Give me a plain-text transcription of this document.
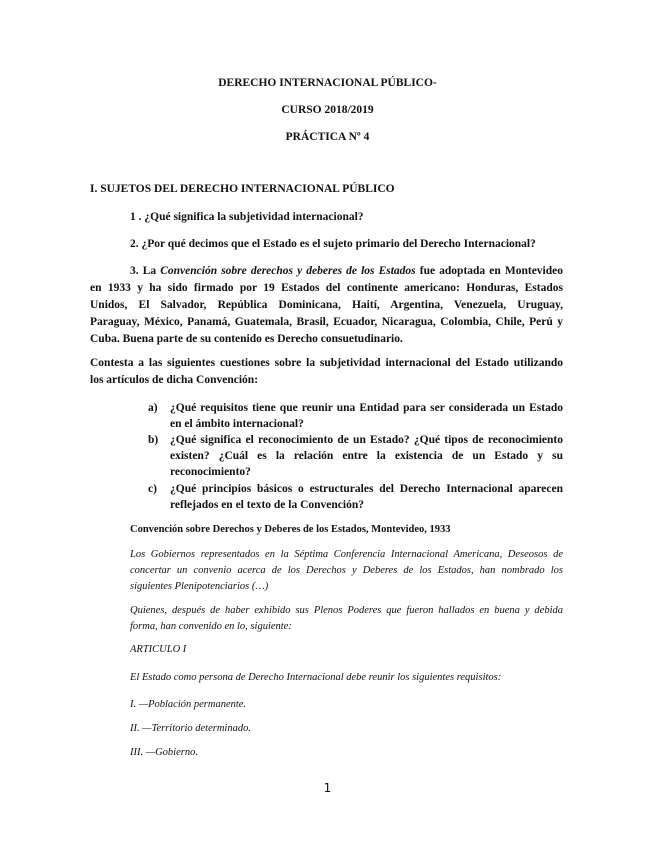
DERECHO INTERNACIONAL PÚBLICO-
CURSO 2018/2019
PRÁCTICA Nº 4
I. SUJETOS DEL DERECHO INTERNACIONAL PÚBLICO
1 . ¿Qué significa la subjetividad internacional?
2. ¿Por qué decimos que el Estado es el sujeto primario del Derecho Internacional?
3. La Convención sobre derechos y deberes de los Estados fue adoptada en Montevideo
en 1933 y ha sido firmado por 19 Estados del continente americano: Honduras, Estados
Unidos, El Salvador, República Dominicana, Haití, Argentina, Venezuela, Uruguay,
Paraguay, México, Panamá, Guatemala, Brasil, Ecuador, Nicaragua, Colombia, Chile, Perú y
Cuba. Buena parte de su contenido es Derecho consuetudinario.
Contesta a las siguientes cuestiones sobre la subjetividad internacional del Estado utilizando
los artículos de dicha Convención:
a)	¿Qué requisitos tiene que reunir una Entidad para ser considerada un Estado
en el ámbito internacional?
b)	¿Qué significa el reconocimiento de un Estado? ¿Qué tipos de reconocimiento
existen? ¿Cuál es la relación entre la existencia de un Estado y su
reconocimiento?
c)	¿Qué principios básicos o estructurales del Derecho Internacional aparecen
reflejados en el texto de la Convención?
Convención sobre Derechos y Deberes de los Estados, Montevideo, 1933
Los Gobiernos representados en la Séptima Conferencia Internacional Americana, Deseosos de
concertar un convenio acerca de los Derechos y Deberes de los Estados, han nombrado los
siguientes Plenipotenciarios (…)
Quienes, después de haber exhibido sus Plenos Poderes que fueron hallados en buena y debida
forma, han convenido en lo, siguiente:
ARTICULO I
El Estado como persona de Derecho Internacional debe reunir los siguientes requisitos:
I. —Población permanente.
II. —Territorio determinado.
III. —Gobierno.
1
